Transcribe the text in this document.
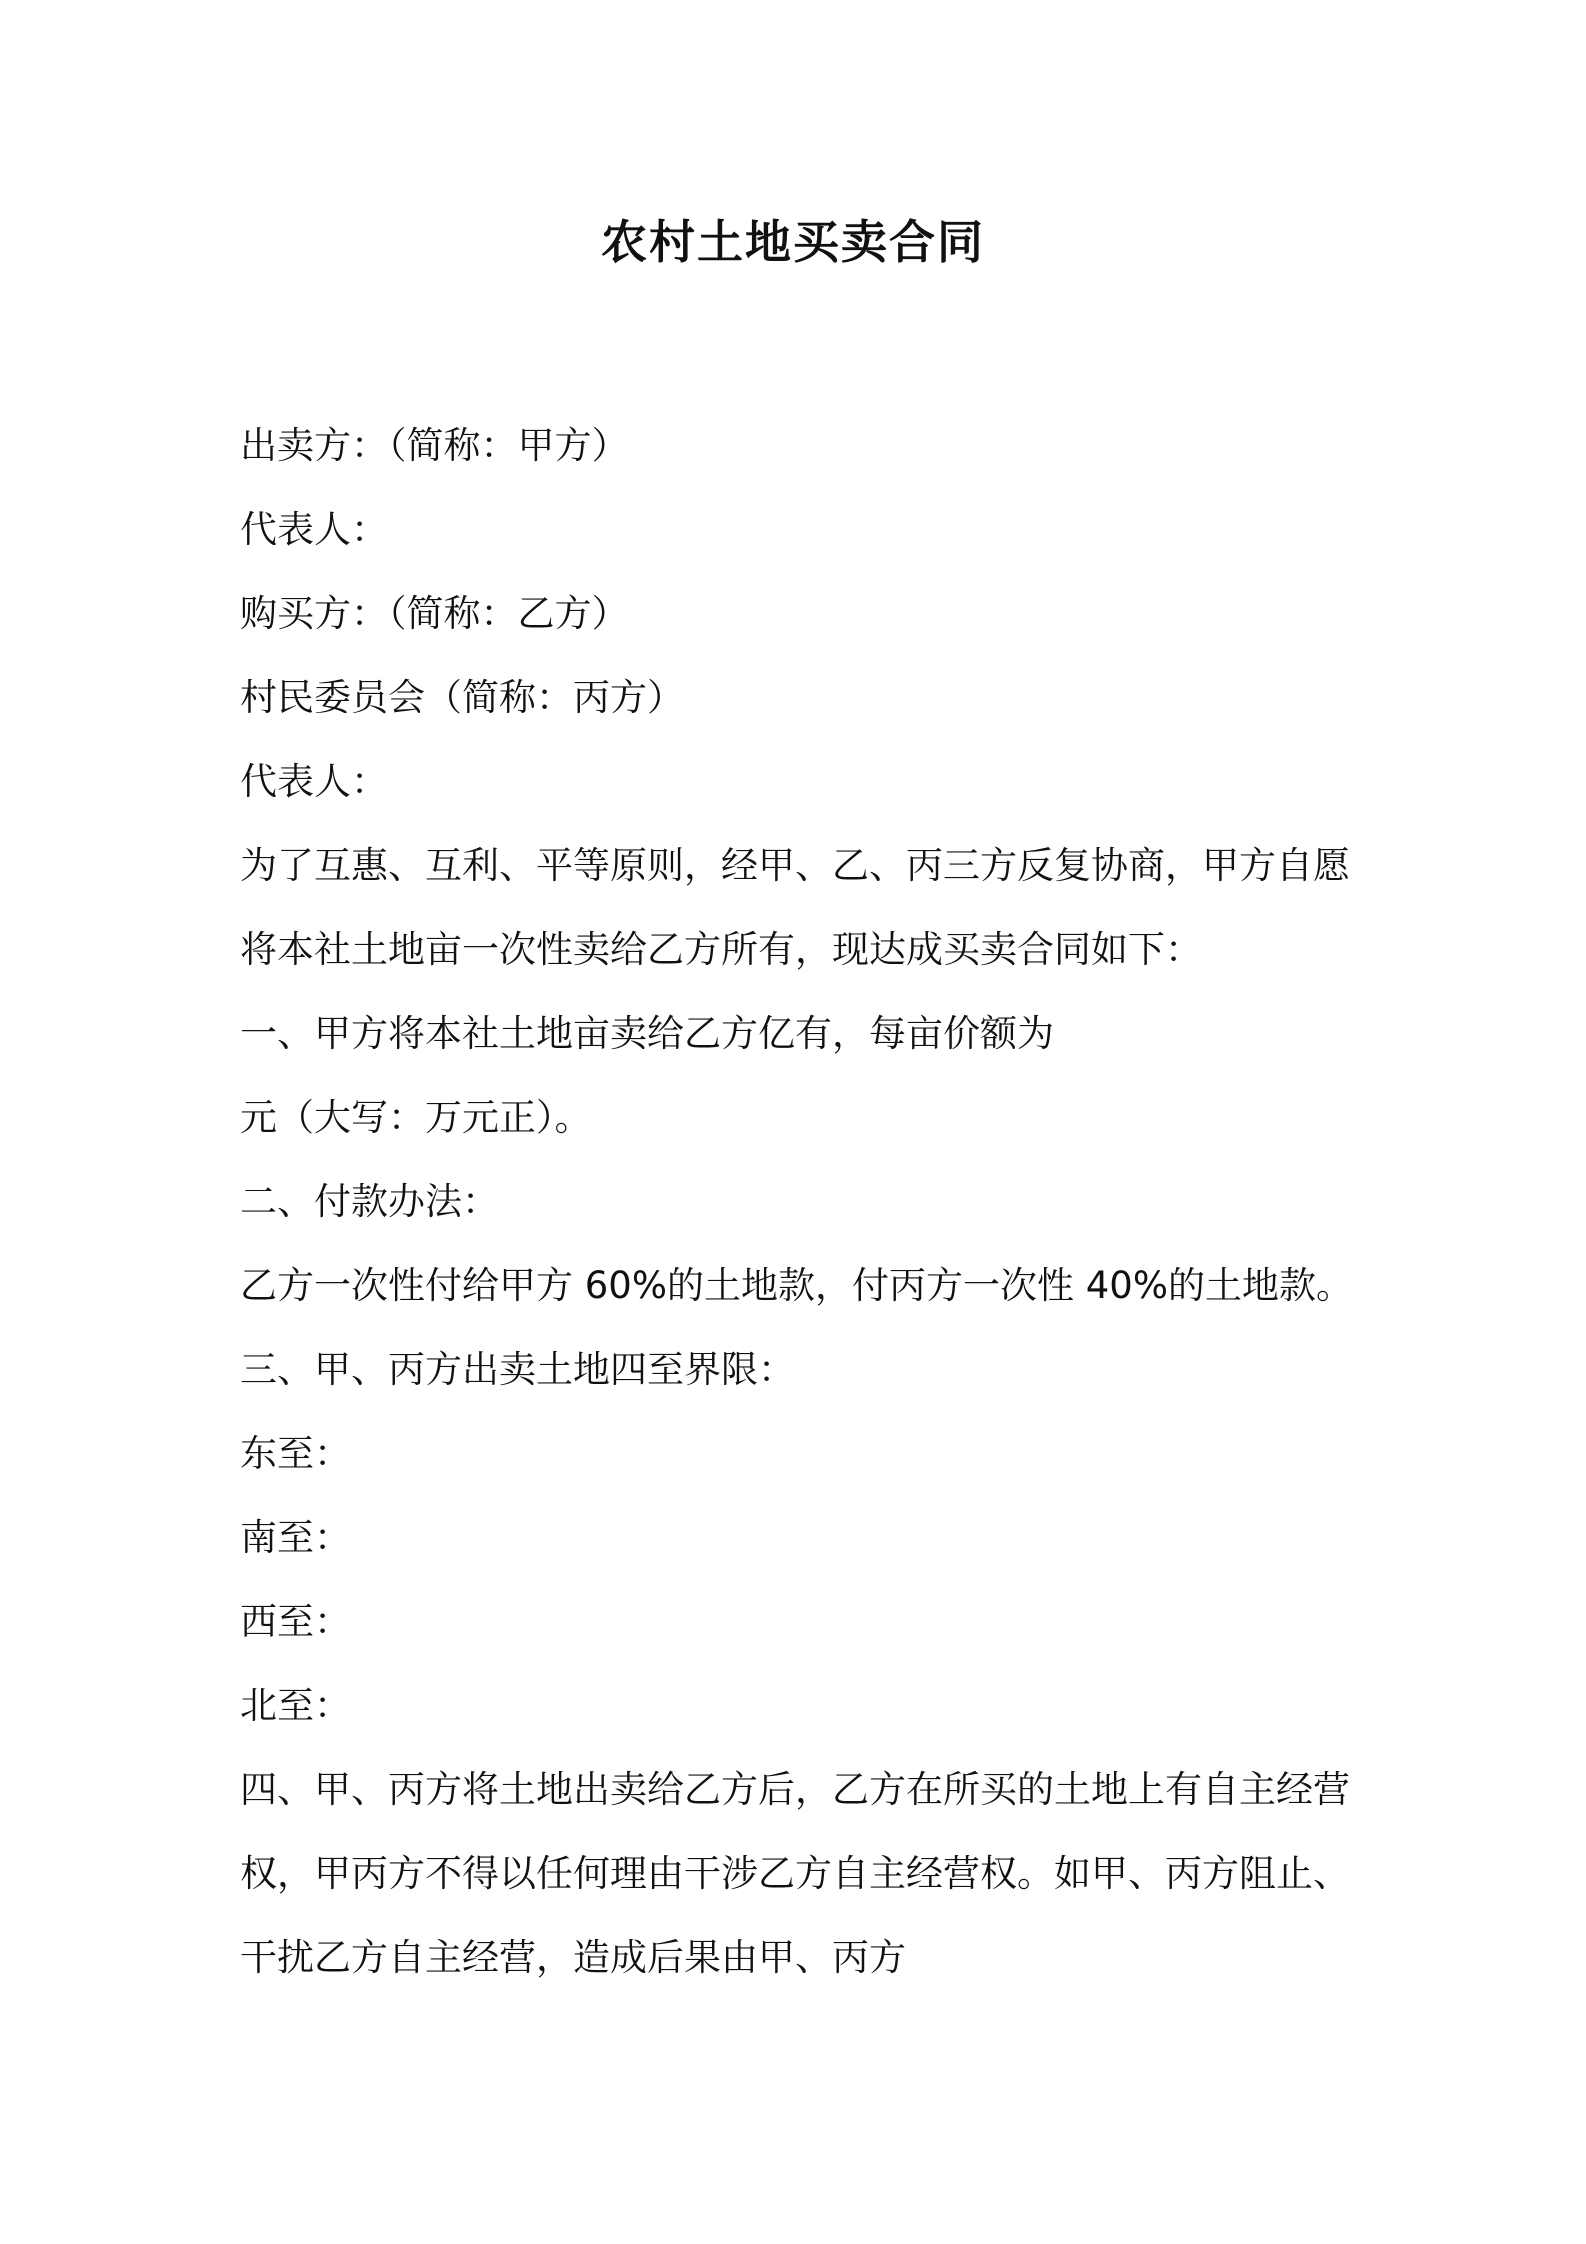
农村土地买卖合同
出卖方：（简称：甲方）
代表人：
购买方：（简称：乙方）
村民委员会（简称：丙方）
代表人：
为了互惠、互利、平等原则，经甲、乙、丙三方反复协商，甲方自愿
将本社土地亩一次性卖给乙方所有，现达成买卖合同如下：
一、甲方将本社土地亩卖给乙方亿有，每亩价额为
元（大写：万元正）。
二、付款办法：
乙方一次性付给甲方 60%的土地款，付丙方一次性 40%的土地款。
三、甲、丙方出卖土地四至界限：
东至：
南至：
西至：
北至：
四、甲、丙方将土地出卖给乙方后，乙方在所买的土地上有自主经营
权，甲丙方不得以任何理由干涉乙方自主经营权。如甲、丙方阻止、
干扰乙方自主经营，造成后果由甲、丙方
